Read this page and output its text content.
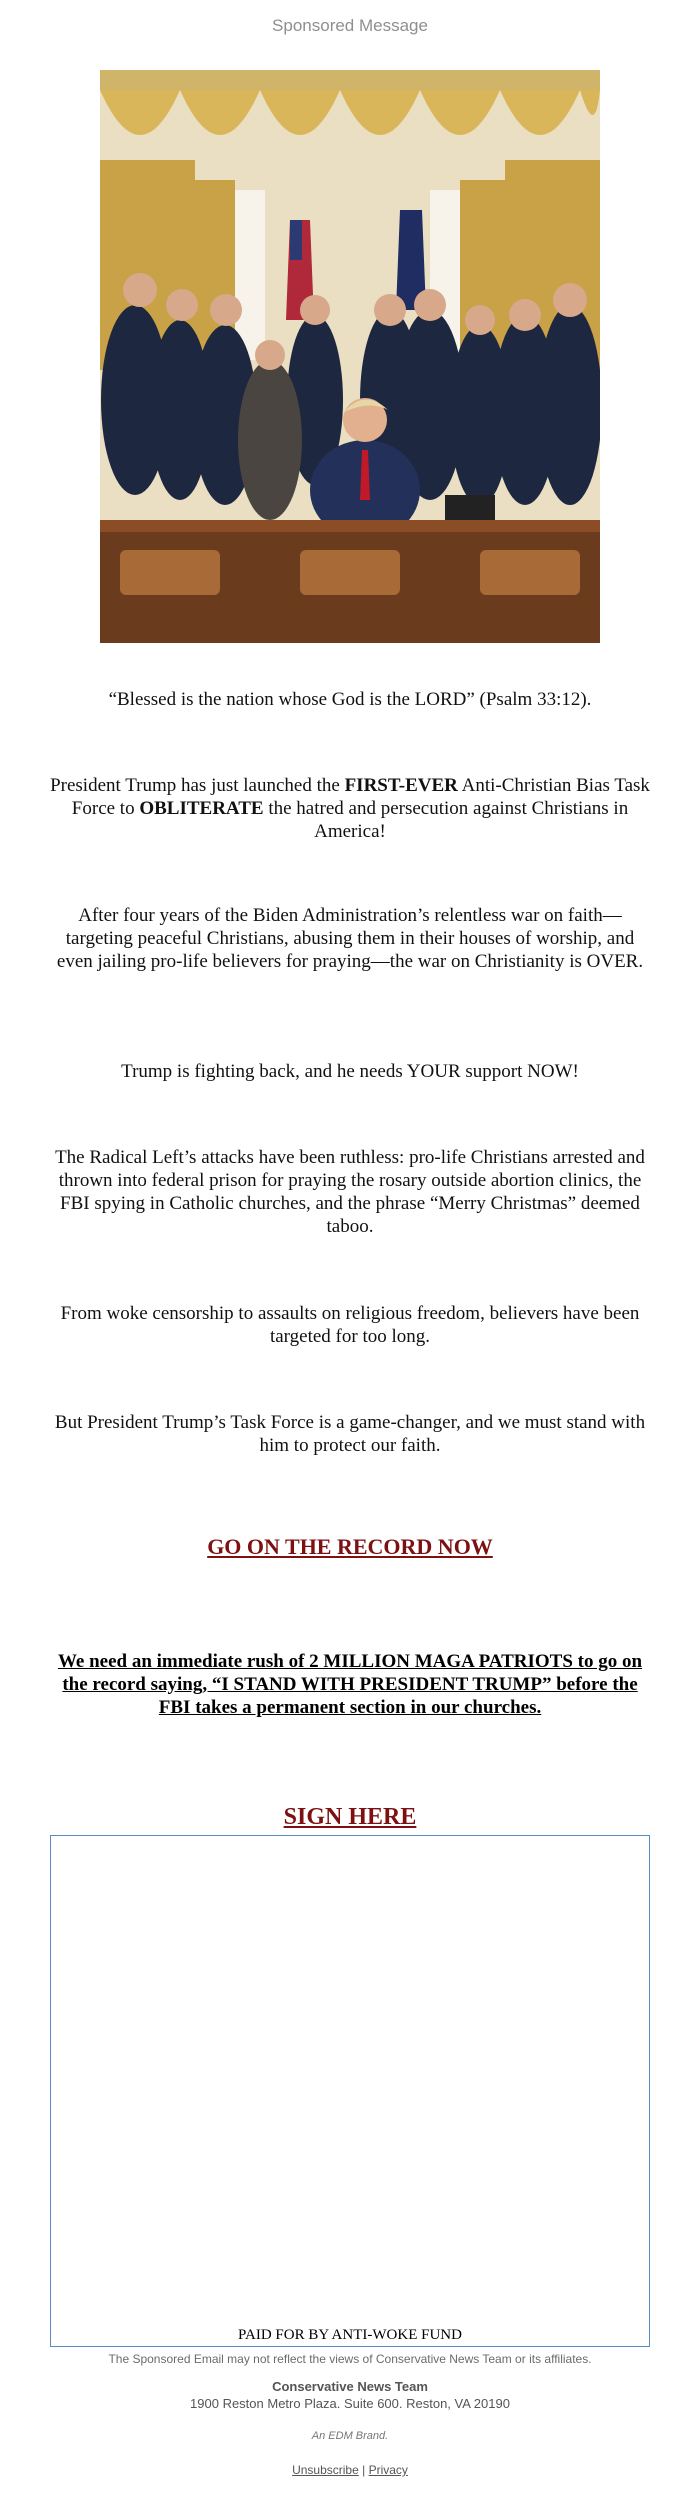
Sponsored Message
“Blessed is the nation whose God is the LORD” (Psalm 33:12).
President Trump has just launched the FIRST-EVER Anti-Christian Bias Task Force to OBLITERATE the hatred and persecution against Christians in America!
After four years of the Biden Administration’s relentless war on faith—targeting peaceful Christians, abusing them in their houses of worship, and even jailing pro-life believers for praying—the war on Christianity is OVER.
Trump is fighting back, and he needs YOUR support NOW!
The Radical Left’s attacks have been ruthless: pro-life Christians arrested and thrown into federal prison for praying the rosary outside abortion clinics, the FBI spying in Catholic churches, and the phrase “Merry Christmas” deemed taboo.
From woke censorship to assaults on religious freedom, believers have been targeted for too long.
But President Trump’s Task Force is a game-changer, and we must stand with him to protect our faith.
GO ON THE RECORD NOW
We need an immediate rush of 2 MILLION MAGA PATRIOTS to go on the record saying, “I STAND WITH PRESIDENT TRUMP” before the FBI takes a permanent section in our churches.
SIGN HERE
PAID FOR BY ANTI-WOKE FUND
The Sponsored Email may not reflect the views of Conservative News Team or its affiliates.
Conservative News Team
1900 Reston Metro Plaza. Suite 600. Reston, VA 20190
An EDM Brand.
Unsubscribe | Privacy
